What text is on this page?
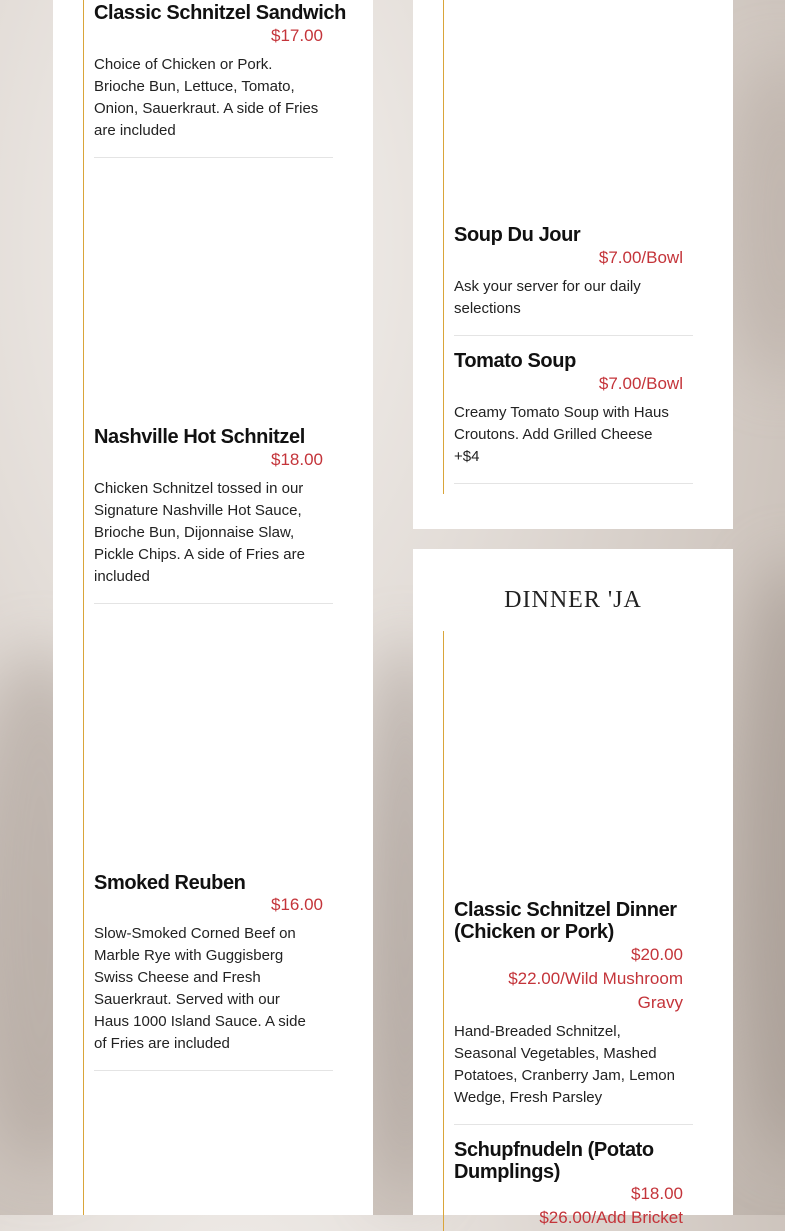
Classic Schnitzel Sandwich
$17.00
Choice of Chicken or Pork. Brioche Bun, Lettuce, Tomato, Onion, Sauerkraut. A side of Fries are included
Nashville Hot Schnitzel
$18.00
Chicken Schnitzel tossed in our Signature Nashville Hot Sauce, Brioche Bun, Dijonnaise Slaw, Pickle Chips. A side of Fries are included
Smoked Reuben
$16.00
Slow-Smoked Corned Beef on Marble Rye with Guggisberg Swiss Cheese and Fresh Sauerkraut. Served with our Haus 1000 Island Sauce. A side of Fries are included
Soup Du Jour
$7.00/Bowl
Ask your server for our daily selections
Tomato Soup
$7.00/Bowl
Creamy Tomato Soup with Haus Croutons. Add Grilled Cheese +$4
DINNER 'JA
Classic Schnitzel Dinner (Chicken or Pork)
$20.00
$22.00/Wild Mushroom Gravy
Hand-Breaded Schnitzel, Seasonal Vegetables, Mashed Potatoes, Cranberry Jam, Lemon Wedge, Fresh Parsley
Schupfnudeln (Potato Dumplings)
$18.00
$26.00/Add Bricket
